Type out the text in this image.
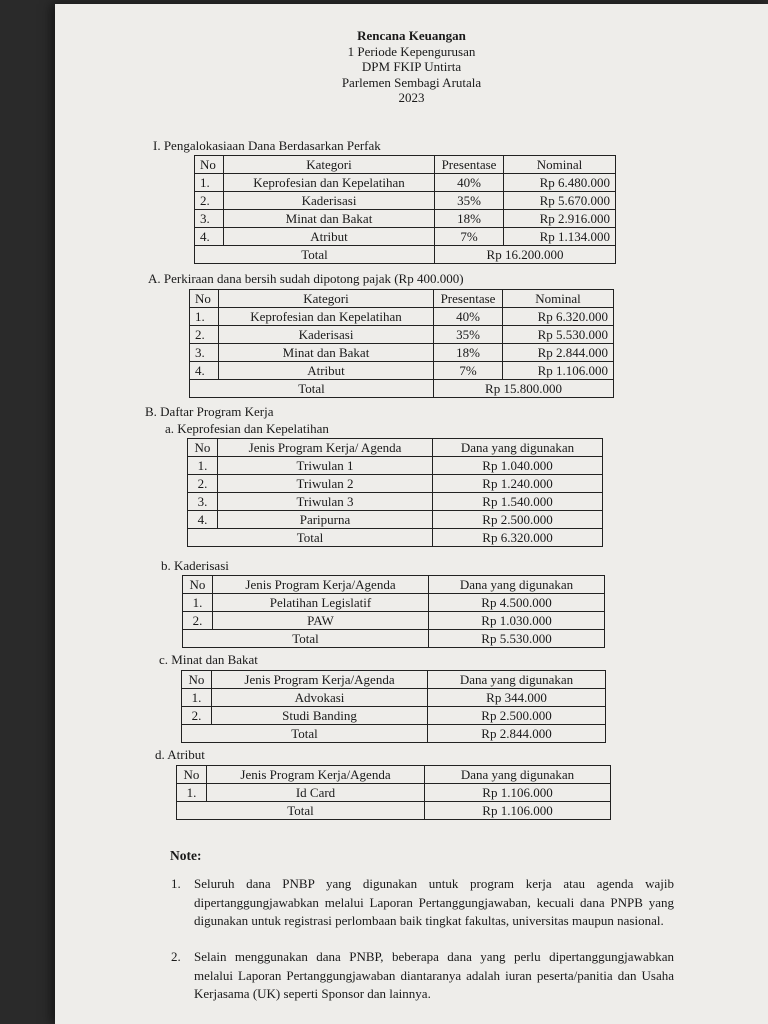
Rencana Keuangan
1 Periode Kepengurusan
DPM FKIP Untirta
Parlemen Sembagi Arutala
2023
I. Pengalokasiaan Dana Berdasarkan Perfak
No	Kategori	Presentase	Nominal
1.	Keprofesian dan Kepelatihan	40%	Rp 6.480.000
2.	Kaderisasi	35%	Rp 5.670.000
3.	Minat dan Bakat	18%	Rp 2.916.000
4.	Atribut	7%	Rp 1.134.000
Total		Rp 16.200.000	
A. Perkiraan dana bersih sudah dipotong pajak (Rp 400.000)
No	Kategori	Presentase	Nominal
1.	Keprofesian dan Kepelatihan	40%	Rp 6.320.000
2.	Kaderisasi	35%	Rp 5.530.000
3.	Minat dan Bakat	18%	Rp 2.844.000
4.	Atribut	7%	Rp 1.106.000
Total		Rp 15.800.000	
B. Daftar Program Kerja
a. Keprofesian dan Kepelatihan
No	Jenis Program Kerja/ Agenda	Dana yang digunakan
1.	Triwulan 1	Rp 1.040.000
2.	Triwulan 2	Rp 1.240.000
3.	Triwulan 3	Rp 1.540.000
4.	Paripurna	Rp 2.500.000
Total		Rp 6.320.000
b. Kaderisasi
No	Jenis Program Kerja/Agenda	Dana yang digunakan
1.	Pelatihan Legislatif	Rp 4.500.000
2.	PAW	Rp 1.030.000
Total		Rp 5.530.000
c. Minat dan Bakat
No	Jenis Program Kerja/Agenda	Dana yang digunakan
1.	Advokasi	Rp 344.000
2.	Studi Banding	Rp 2.500.000
Total		Rp 2.844.000
d. Atribut
No	Jenis Program Kerja/Agenda	Dana yang digunakan
1.	Id Card	Rp 1.106.000
Total		Rp 1.106.000
Note:
1. Seluruh dana PNBP yang digunakan untuk program kerja atau agenda wajib dipertanggungjawabkan melalui Laporan Pertanggungjawaban, kecuali dana PNPB yang digunakan untuk registrasi perlombaan baik tingkat fakultas, universitas maupun nasional.
2. Selain menggunakan dana PNBP, beberapa dana yang perlu dipertanggungjawabkan melalui Laporan Pertanggungjawaban diantaranya adalah iuran peserta/panitia dan Usaha Kerjasama (UK) seperti Sponsor dan lainnya.
